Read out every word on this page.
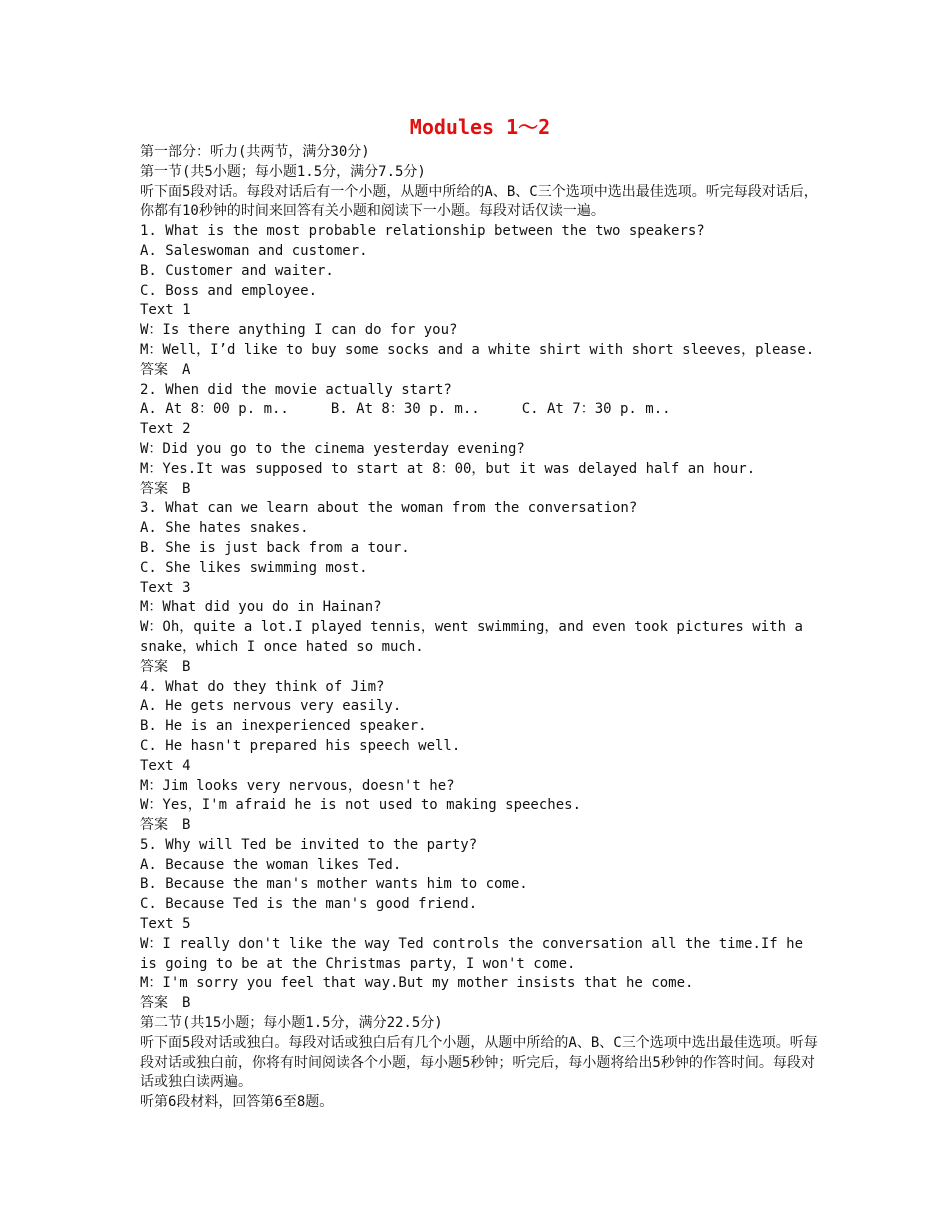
Modules 1～2
第一部分：听力(共两节，满分30分)
第一节(共5小题；每小题1.5分，满分7.5分)
听下面5段对话。每段对话后有一个小题，从题中所给的A、B、C三个选项中选出最佳选项。听完每段对话后，你都有10秒钟的时间来回答有关小题和阅读下一小题。每段对话仅读一遍。
1. What is the most probable relationship between the two speakers?
A. Saleswoman and customer.
B. Customer and waiter.
C. Boss and employee.
Text 1
W：Is there anything I can do for you?
M：Well，I’d like to buy some socks and a white shirt with short sleeves，please.
答案　A
2. When did the movie actually start?
A. At 8：00 p. m..　　　B. At 8：30 p. m..　　　C. At 7：30 p. m..
Text 2
W：Did you go to the cinema yesterday evening?
M：Yes.It was supposed to start at 8：00，but it was delayed half an hour.
答案　B
3. What can we learn about the woman from the conversation?
A. She hates snakes.
B. She is just back from a tour.
C. She likes swimming most.
Text 3
M：What did you do in Hainan?
W：Oh，quite a lot.I played tennis，went swimming，and even took pictures with a snake，which I once hated so much.
答案　B
4. What do they think of Jim?
A. He gets nervous very easily.
B. He is an inexperienced speaker.
C. He hasn't prepared his speech well.
Text 4
M：Jim looks very nervous，doesn't he?
W：Yes，I'm afraid he is not used to making speeches.
答案　B
5. Why will Ted be invited to the party?
A. Because the woman likes Ted.
B. Because the man's mother wants him to come.
C. Because Ted is the man's good friend.
Text 5
W：I really don't like the way Ted controls the conversation all the time.If he is going to be at the Christmas party，I won't come.
M：I'm sorry you feel that way.But my mother insists that he come.
答案　B
第二节(共15小题；每小题1.5分，满分22.5分)
听下面5段对话或独白。每段对话或独白后有几个小题，从题中所给的A、B、C三个选项中选出最佳选项。听每段对话或独白前，你将有时间阅读各个小题，每小题5秒钟；听完后，每小题将给出5秒钟的作答时间。每段对话或独白读两遍。
听第6段材料，回答第6至8题。
